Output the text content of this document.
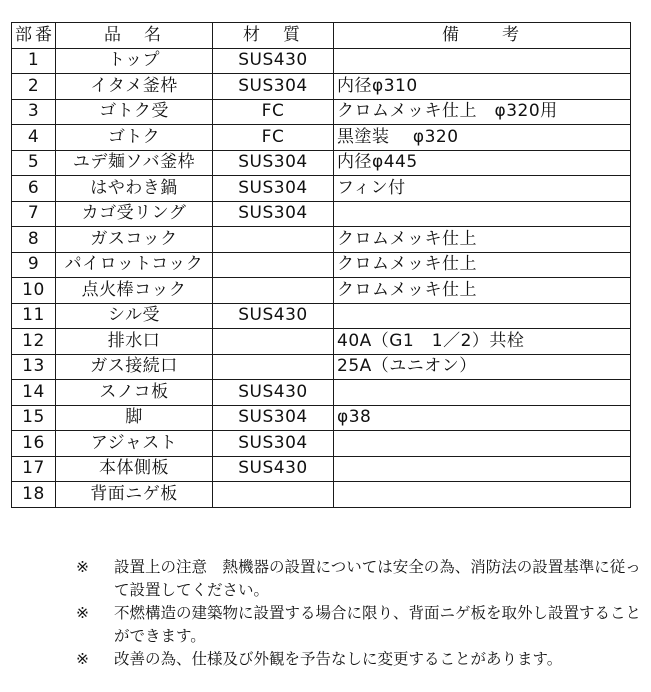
部番	品　名	材　質	備　　考
1	トップ	SUS430	
2	イタメ釜枠	SUS304	内径φ310
3	ゴトク受	FC	クロムメッキ仕上　φ320用
4	ゴトク	FC	黒塗装　 φ320
5	ユデ麺ソバ釜枠	SUS304	内径φ445
6	はやわき鍋	SUS304	フィン付
7	カゴ受リング	SUS304	
8	ガスコック		クロムメッキ仕上
9	パイロットコック		クロムメッキ仕上
10	点火棒コック		クロムメッキ仕上
11	シル受	SUS430	
12	排水口		40A（G1　1／2）共栓
13	ガス接続口		25A（ユニオン）
14	スノコ板	SUS430	
15	脚	SUS304	φ38
16	アジャスト	SUS304	
17	本体側板	SUS430	
18	背面ニゲ板		
※	設置上の注意　熱機器の設置については安全の為、消防法の設置基準に従って設置してください。
※	不燃構造の建築物に設置する場合に限り、背面ニゲ板を取外し設置することができます。
※	改善の為、仕様及び外観を予告なしに変更することがあります。
